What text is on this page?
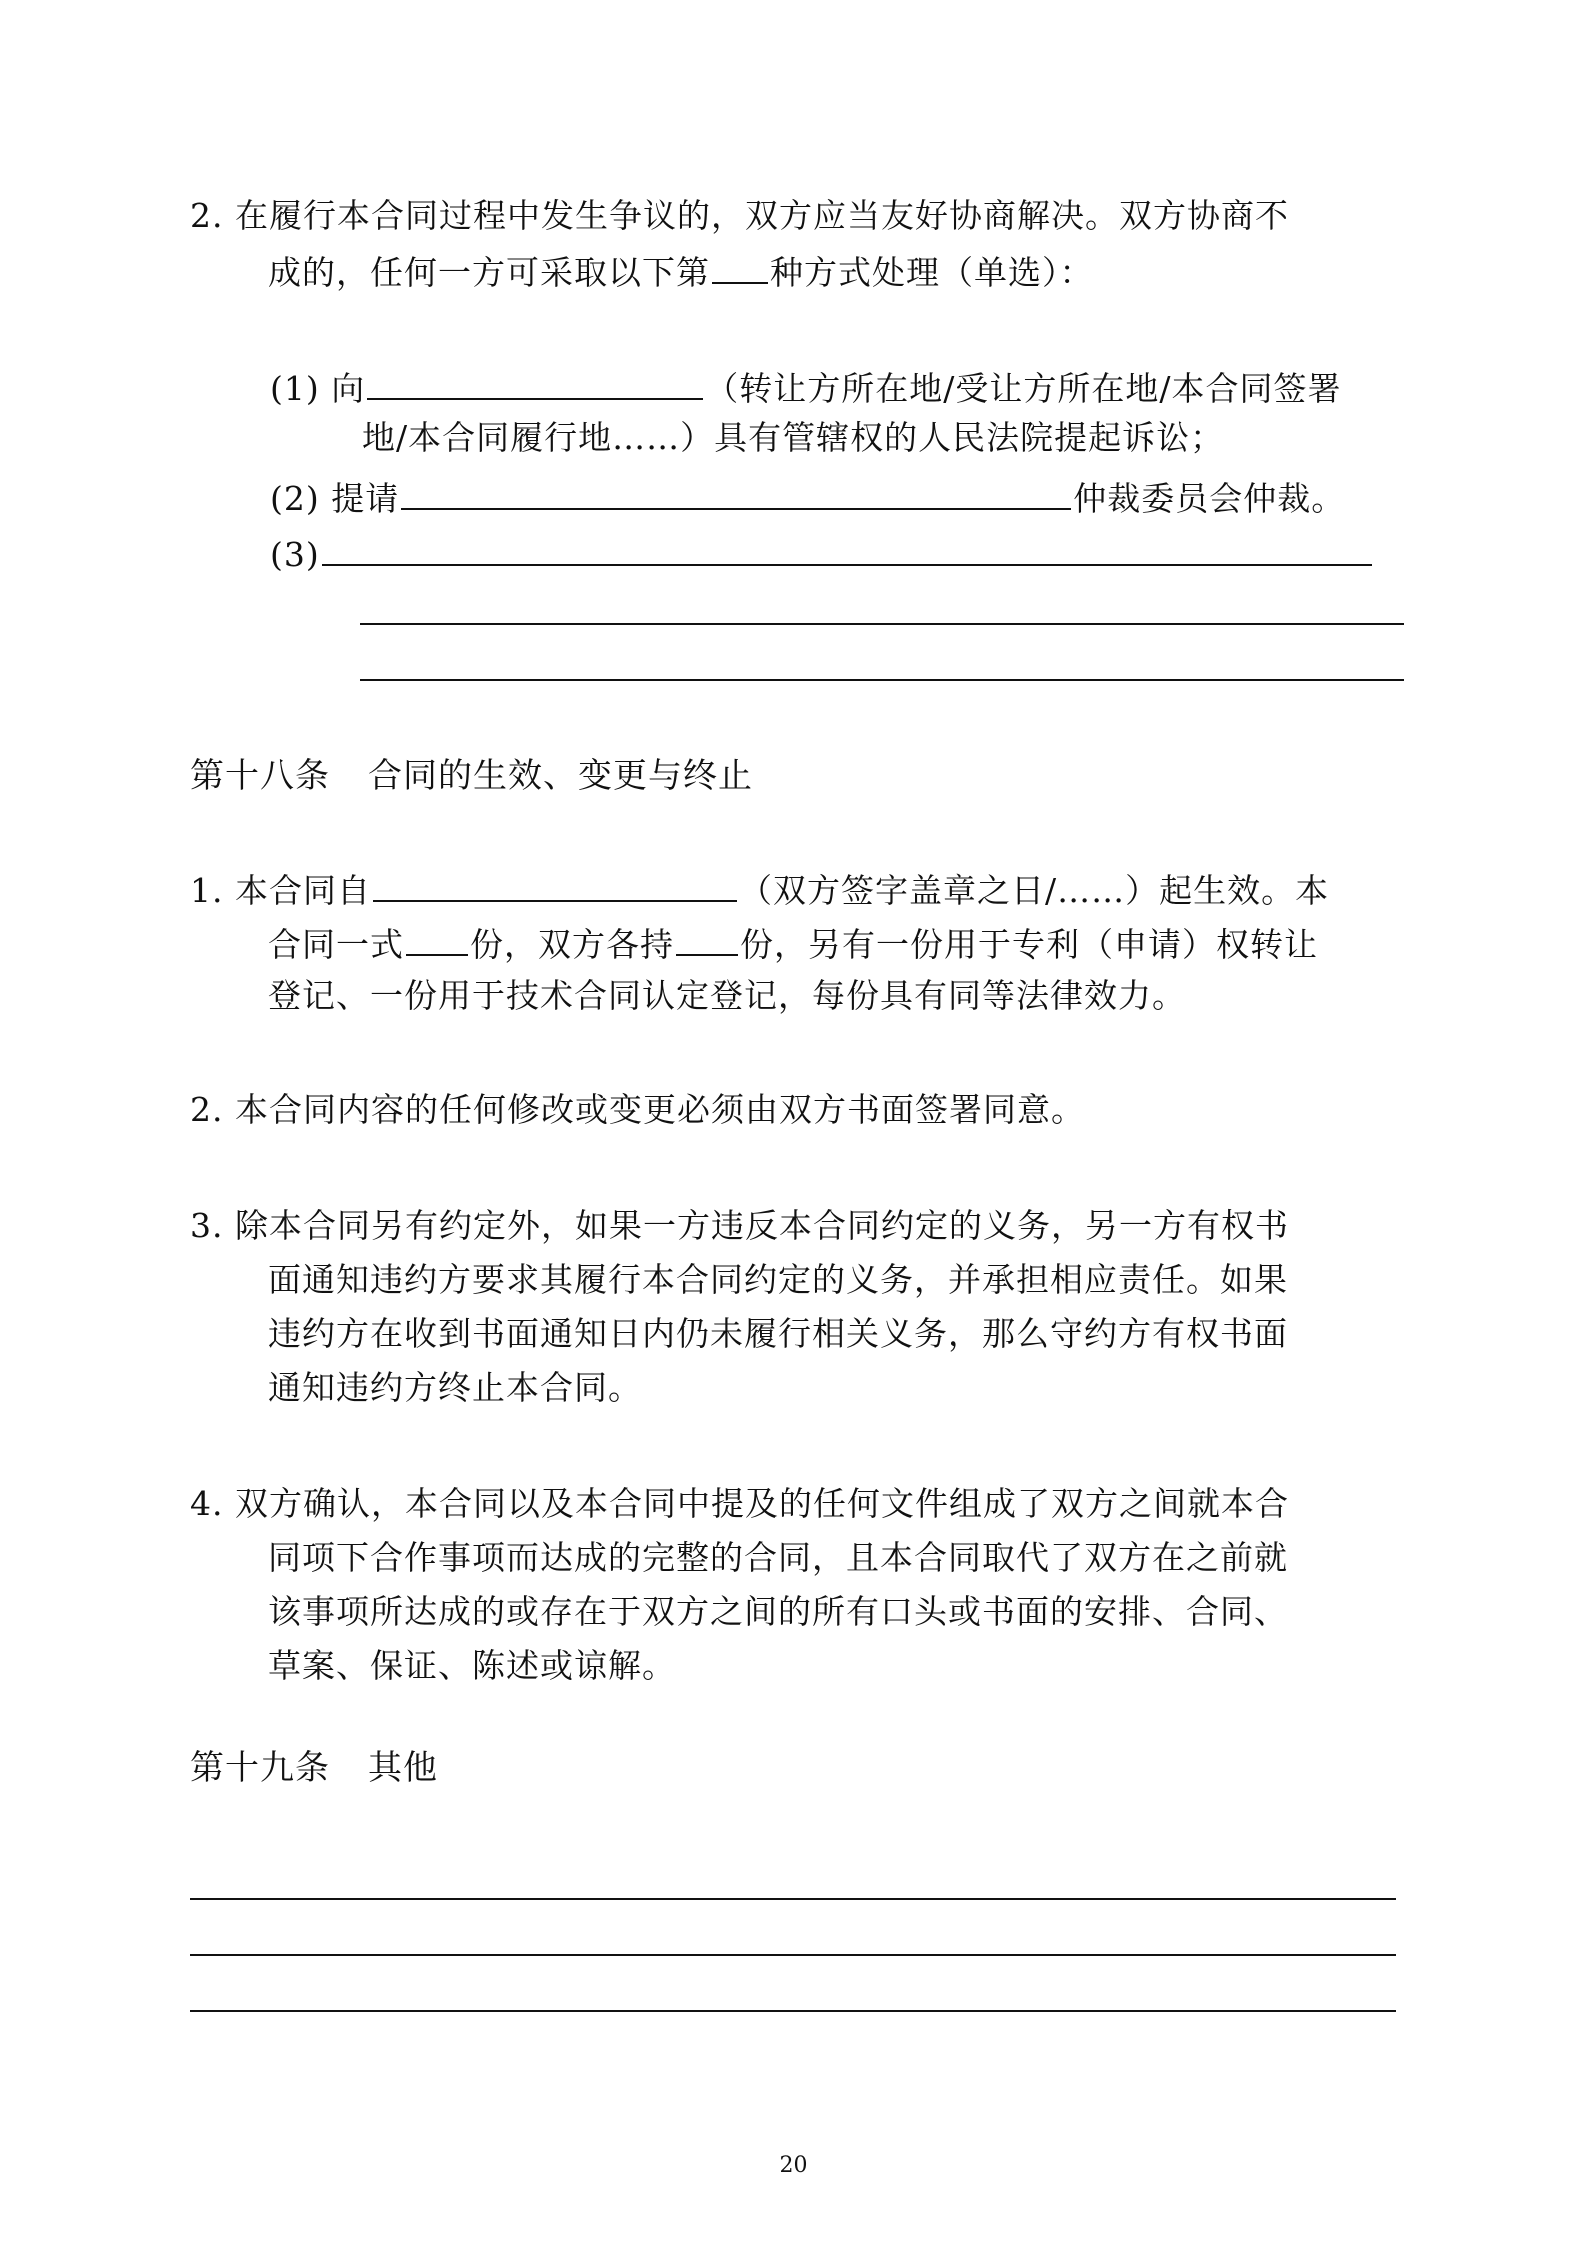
2. 在履行本合同过程中发生争议的，双方应当友好协商解决。双方协商不
成的，任何一方可采取以下第 种方式处理（单选）：
(1) 向	（转让方所在地/受让方所在地/本合同签署
地/本合同履行地……）具有管辖权的人民法院提起诉讼；
(2) 提请	仲裁委员会仲裁。
(3)
第十八条 合同的生效、变更与终止
1. 本合同自	（双方签字盖章之日/……）起生效。本
合同一式 份，双方各持 份，另有一份用于专利（申请）权转让
登记、一份用于技术合同认定登记，每份具有同等法律效力。
2. 本合同内容的任何修改或变更必须由双方书面签署同意。
3. 除本合同另有约定外，如果一方违反本合同约定的义务，另一方有权书
面通知违约方要求其履行本合同约定的义务，并承担相应责任。如果
违约方在收到书面通知日内仍未履行相关义务，那么守约方有权书面
通知违约方终止本合同。
4. 双方确认，本合同以及本合同中提及的任何文件组成了双方之间就本合
同项下合作事项而达成的完整的合同，且本合同取代了双方在之前就
该事项所达成的或存在于双方之间的所有口头或书面的安排、合同、
草案、保证、陈述或谅解。
第十九条 其他
20
